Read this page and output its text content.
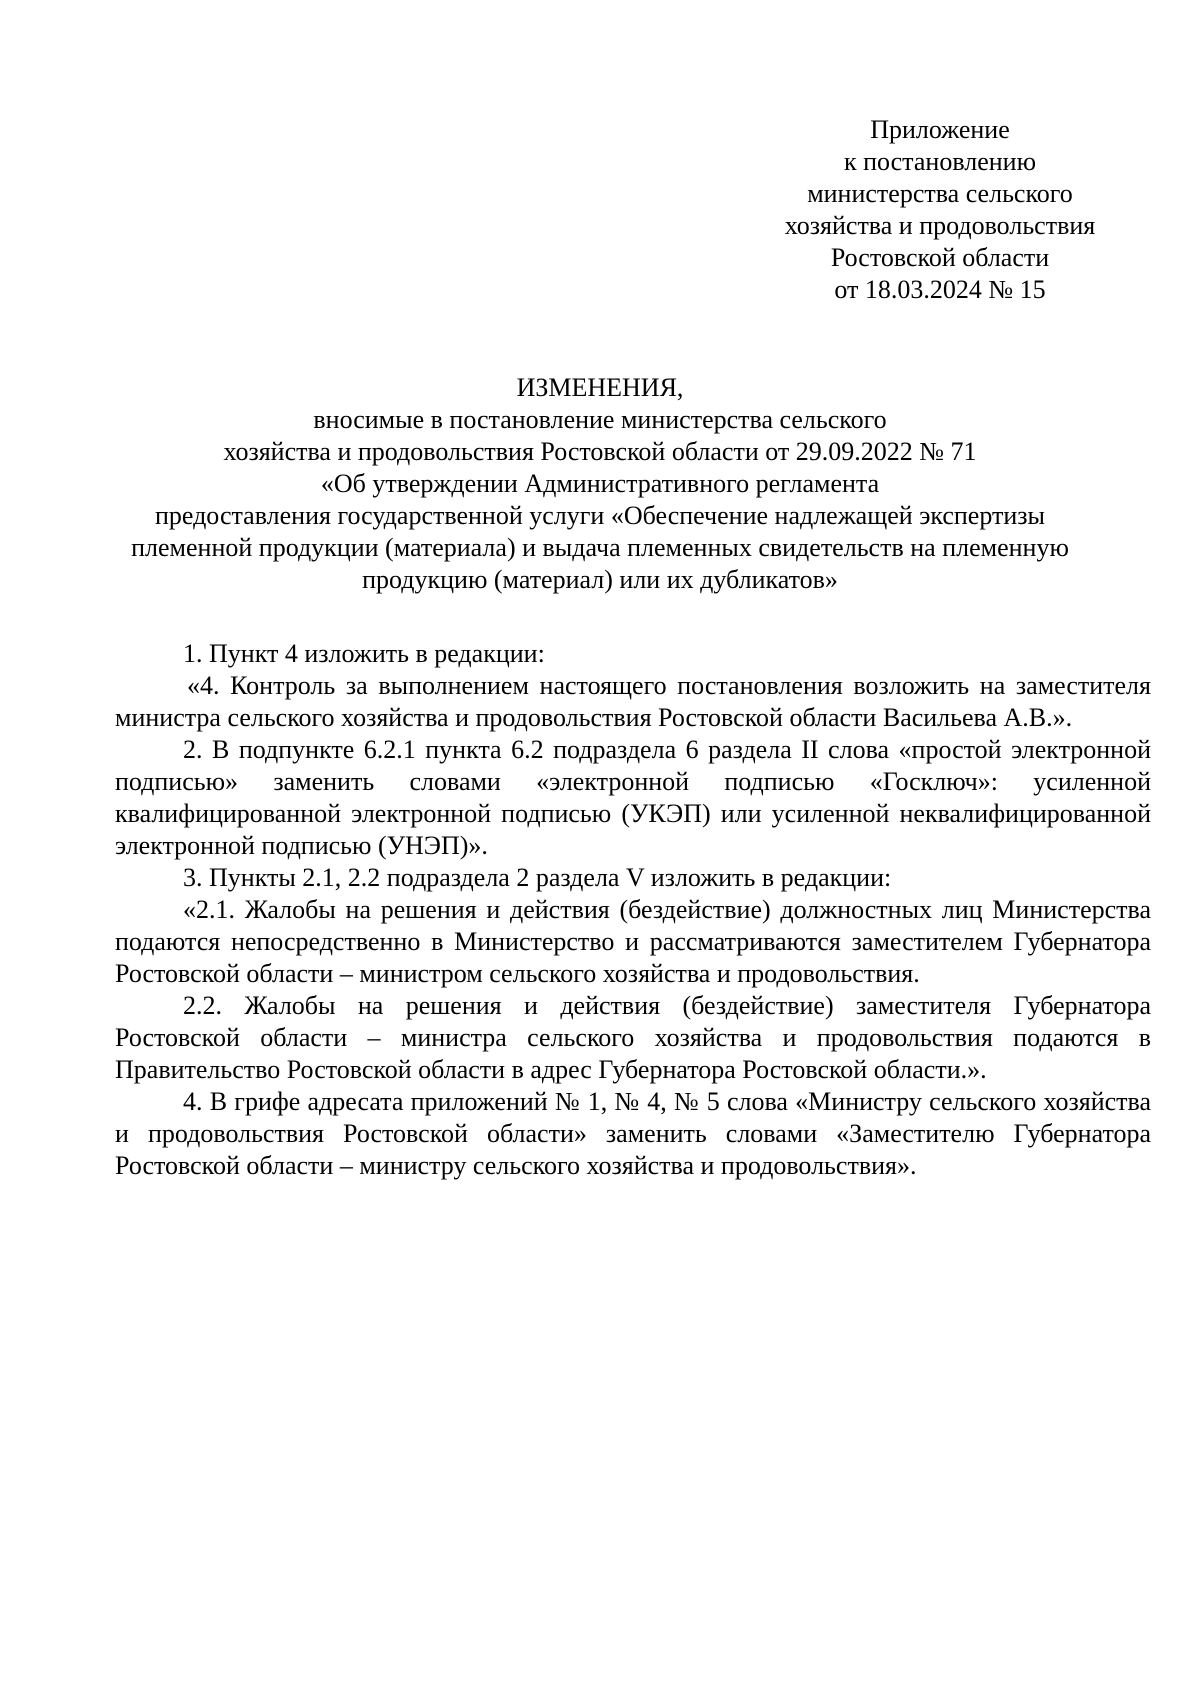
Приложение
к постановлению
министерства сельского
хозяйства и продовольствия
Ростовской области
от 18.03.2024 № 15
ИЗМЕНЕНИЯ,
вносимые в постановление министерства сельского
хозяйства и продовольствия Ростовской области от 29.09.2022 № 71
«Об утверждении Административного регламента
предоставления государственной услуги «Обеспечение надлежащей экспертизы
племенной продукции (материала) и выдача племенных свидетельств на племенную
продукцию (материал) или их дубликатов»

1. Пункт 4 изложить в редакции:

«4. Контроль за выполнением настоящего постановления возложить на заместителя министра сельского хозяйства и продовольствия Ростовской области Васильева А.В.».

2. В подпункте 6.2.1 пункта 6.2 подраздела 6 раздела II слова «простой электронной подписью» заменить словами «электронной подписью «Госключ»: усиленной квалифицированной электронной подписью (УКЭП) или усиленной неквалифицированной электронной подписью (УНЭП)».

3. Пункты 2.1, 2.2 подраздела 2 раздела V изложить в редакции:

«2.1. Жалобы на решения и действия (бездействие) должностных лиц Министерства подаются непосредственно в Министерство и рассматриваются заместителем Губернатора Ростовской области – министром сельского хозяйства и продовольствия.

2.2. Жалобы на решения и действия (бездействие) заместителя Губернатора Ростовской области – министра сельского хозяйства и продовольствия подаются в Правительство Ростовской области в адрес Губернатора Ростовской области.».

4. В грифе адресата приложений № 1, № 4, № 5 слова «Министру сельского хозяйства и продовольствия Ростовской области» заменить словами «Заместителю Губернатора Ростовской области – министру сельского хозяйства и продовольствия».
